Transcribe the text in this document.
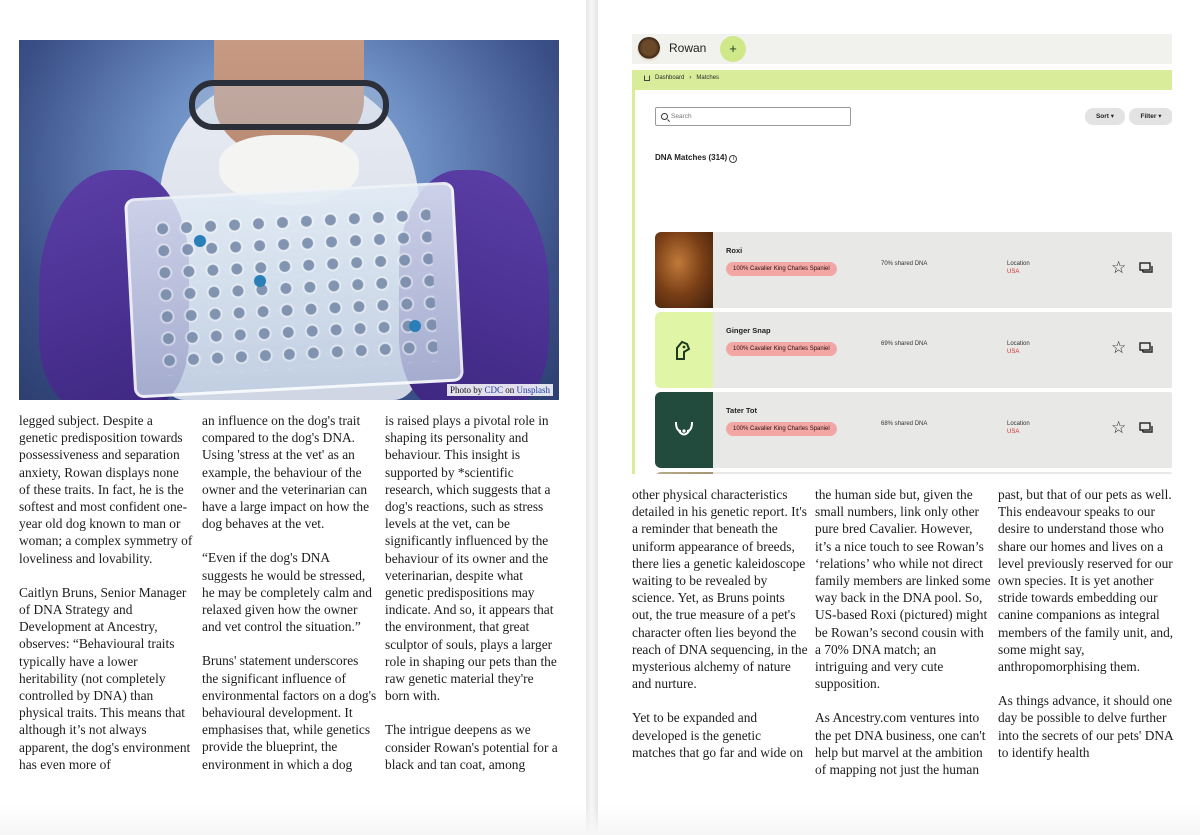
Photo by CDC on Unsplash

legged subject. Despite a genetic predisposition towards possessiveness and separation anxiety, Rowan displays none of these traits. In fact, he is the softest and most confident one-year old dog known to man or woman; a complex symmetry of loveliness and lovability.

Caitlyn Bruns, Senior Manager of DNA Strategy and Development at Ancestry, observes: “Behavioural traits typically have a lower heritability (not completely controlled by DNA) than physical traits. This means that although it’s not always apparent, the dog's environment has even more of

an influence on the dog's trait compared to the dog's DNA. Using 'stress at the vet' as an example, the behaviour of the owner and the veterinarian can have a large impact on how the dog behaves at the vet.

“Even if the dog's DNA suggests he would be stressed, he may be completely calm and relaxed given how the owner and vet control the situation.”

Bruns' statement underscores the significant influence of environmental factors on a dog's behavioural development. It emphasises that, while genetics provide the blueprint, the environment in which a dog

is raised plays a pivotal role in shaping its personality and behaviour. This insight is supported by *scientific research, which suggests that a dog's reactions, such as stress levels at the vet, can be significantly influenced by the behaviour of its owner and the veterinarian, despite what genetic predispositions may indicate. And so, it appears that the environment, that great sculptor of souls, plays a larger role in shaping our pets than the raw genetic material they're born with.

The intrigue deepens as we consider Rowan's potential for a black and tan coat, among

Rowan	+
Dashboard › Matches
Search
Sort ▾	Filter ▾
DNA Matches (314) i
Roxi
100% Cavalier King Charles Spaniel
70% shared DNA	Location
USA	☆
Ginger Snap
100% Cavalier King Charles Spaniel
69% shared DNA	Location
USA	☆
Tater Tot
100% Cavalier King Charles Spaniel
68% shared DNA	Location
USA	☆

other physical characteristics detailed in his genetic report. It's a reminder that beneath the uniform appearance of breeds, there lies a genetic kaleidoscope waiting to be revealed by science. Yet, as Bruns points out, the true measure of a pet's character often lies beyond the reach of DNA sequencing, in the mysterious alchemy of nature and nurture.

Yet to be expanded and developed is the genetic matches that go far and wide on

the human side but, given the small numbers, link only other pure bred Cavalier. However, it’s a nice touch to see Rowan’s ‘relations’ who while not direct family members are linked some way back in the DNA pool. So, US-based Roxi (pictured) might be Rowan’s second cousin with a 70% DNA match; an intriguing and very cute supposition.

As Ancestry.com ventures into the pet DNA business, one can't help but marvel at the ambition of mapping not just the human

past, but that of our pets as well. This endeavour speaks to our desire to understand those who share our homes and lives on a level previously reserved for our own species. It is yet another stride towards embedding our canine companions as integral members of the family unit, and, some might say, anthropomorphising them.

As things advance, it should one day be possible to delve further into the secrets of our pets' DNA to identify health
